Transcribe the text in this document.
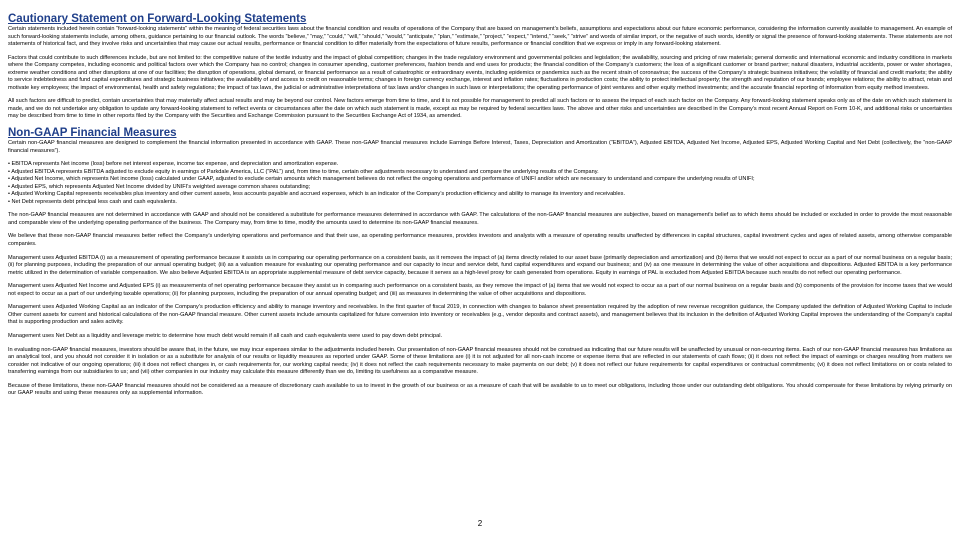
Cautionary Statement on Forward-Looking Statements

Certain statements included herein contain “forward-looking statements” within the meaning of federal securities laws about the financial condition and results of operations of the Company that are based on management’s beliefs, assumptions and expectations about our future economic performance, considering the information currently available to management. An example of such forward-looking statements include, among others, guidance pertaining to our financial outlook. The words “believe,” “may,” “could,” “will,” “should,” “would,” “anticipate,” “plan,” “estimate,” “project,” “expect,” “intend,” “seek,” “strive” and words of similar import, or the negative of such words, identify or signal the presence of forward-looking statements. These statements are not statements of historical fact, and they involve risks and uncertainties that may cause our actual results, performance or financial condition to differ materially from the expectations of future results, performance or financial condition that we express or imply in any forward-looking statement.

Factors that could contribute to such differences include, but are not limited to: the competitive nature of the textile industry and the impact of global competition; changes in the trade regulatory environment and governmental policies and legislation; the availability, sourcing and pricing of raw materials; general domestic and international economic and industry conditions in markets where the Company competes, including economic and political factors over which the Company has no control; changes in consumer spending, customer preferences, fashion trends and end uses for products; the financial condition of the Company’s customers; the loss of a significant customer or brand partner; natural disasters, industrial accidents, power or water shortages, extreme weather conditions and other disruptions at one of our facilities; the disruption of operations, global demand, or financial performance as a result of catastrophic or extraordinary events, including epidemics or pandemics such as the recent strain of coronavirus; the success of the Company’s strategic business initiatives; the volatility of financial and credit markets; the ability to service indebtedness and fund capital expenditures and strategic business initiatives; the availability of and access to credit on reasonable terms; changes in foreign currency exchange, interest and inflation rates; fluctuations in production costs; the ability to protect intellectual property; the strength and reputation of our brands; employee relations; the ability to attract, retain and motivate key employees; the impact of environmental, health and safety regulations; the impact of tax laws, the judicial or administrative interpretations of tax laws and/or changes in such laws or interpretations; the operating performance of joint ventures and other equity method investments; and the accurate financial reporting of information from equity method investees.

All such factors are difficult to predict, contain uncertainties that may materially affect actual results and may be beyond our control. New factors emerge from time to time, and it is not possible for management to predict all such factors or to assess the impact of each such factor on the Company. Any forward-looking statement speaks only as of the date on which such statement is made, and we do not undertake any obligation to update any forward-looking statement to reflect events or circumstances after the date on which such statement is made, except as may be required by federal securities laws. The above and other risks and uncertainties are described in the Company’s most recent Annual Report on Form 10-K, and additional risks or uncertainties may be described from time to time in other reports filed by the Company with the Securities and Exchange Commission pursuant to the Securities Exchange Act of 1934, as amended.

Non-GAAP Financial Measures

Certain non-GAAP financial measures are designed to complement the financial information presented in accordance with GAAP. These non-GAAP financial measures include Earnings Before Interest, Taxes, Depreciation and Amortization (“EBITDA”), Adjusted EBITDA, Adjusted Net Income, Adjusted EPS, Adjusted Working Capital and Net Debt (collectively, the “non-GAAP financial measures”).

• EBITDA represents Net income (loss) before net interest expense, income tax expense, and depreciation and amortization expense.
• Adjusted EBITDA represents EBITDA adjusted to exclude equity in earnings of Parkdale America, LLC (“PAL”) and, from time to time, certain other adjustments necessary to understand and compare the underlying results of the Company.
• Adjusted Net Income, which represents Net income (loss) calculated under GAAP, adjusted to exclude certain amounts which management believes do not reflect the ongoing operations and performance of UNIFI and/or which are necessary to understand and compare the underlying results of UNIFI;
• Adjusted EPS, which represents Adjusted Net Income divided by UNIFI’s weighted average common shares outstanding;
• Adjusted Working Capital represents receivables plus inventory and other current assets, less accounts payable and accrued expenses, which is an indicator of the Company’s production efficiency and ability to manage its inventory and receivables.
• Net Debt represents debt principal less cash and cash equivalents.

The non-GAAP financial measures are not determined in accordance with GAAP and should not be considered a substitute for performance measures determined in accordance with GAAP. The calculations of the non-GAAP financial measures are subjective, based on management’s belief as to which items should be included or excluded in order to provide the most reasonable and comparable view of the underlying operating performance of the business. The Company may, from time to time, modify the amounts used to determine its non-GAAP financial measures.

We believe that these non-GAAP financial measures better reflect the Company’s underlying operations and performance and that their use, as operating performance measures, provides investors and analysts with a measure of operating results unaffected by differences in capital structures, capital investment cycles and ages of related assets, among otherwise comparable companies.

Management uses Adjusted EBITDA (i) as a measurement of operating performance because it assists us in comparing our operating performance on a consistent basis, as it removes the impact of (a) items directly related to our asset base (primarily depreciation and amortization) and (b) items that we would not expect to occur as a part of our normal business on a regular basis; (ii) for planning purposes, including the preparation of our annual operating budget; (iii) as a valuation measure for evaluating our operating performance and our capacity to incur and service debt, fund capital expenditures and expand our business; and (iv) as one measure in determining the value of other acquisitions and dispositions. Adjusted EBITDA is a key performance metric utilized in the determination of variable compensation. We also believe Adjusted EBITDA is an appropriate supplemental measure of debt service capacity, because it serves as a high-level proxy for cash generated from operations. Equity in earnings of PAL is excluded from Adjusted EBITDA because such results do not reflect our operating performance.

Management uses Adjusted Net Income and Adjusted EPS (i) as measurements of net operating performance because they assist us in comparing such performance on a consistent basis, as they remove the impact of (a) items that we would not expect to occur as a part of our normal business on a regular basis and (b) components of the provision for income taxes that we would not expect to occur as a part of our underlying taxable operations; (ii) for planning purposes, including the preparation of our annual operating budget; and (iii) as measures in determining the value of other acquisitions and dispositions.

Management uses Adjusted Working Capital as an indicator of the Company’s production efficiency and ability to manage inventory and receivables. In the first quarter of fiscal 2019, in connection with changes to balance sheet presentation required by the adoption of new revenue recognition guidance, the Company updated the definition of Adjusted Working Capital to include Other current assets for current and historical calculations of the non-GAAP financial measure. Other current assets include amounts capitalized for future conversion into inventory or receivables (e.g., vendor deposits and contract assets), and management believes that its inclusion in the definition of Adjusted Working Capital improves the understanding of the Company’s capital that is supporting production and sales activity.

Management uses Net Debt as a liquidity and leverage metric to determine how much debt would remain if all cash and cash equivalents were used to pay down debt principal.

In evaluating non-GAAP financial measures, investors should be aware that, in the future, we may incur expenses similar to the adjustments included herein. Our presentation of non-GAAP financial measures should not be construed as indicating that our future results will be unaffected by unusual or non-recurring items. Each of our non-GAAP financial measures has limitations as an analytical tool, and you should not consider it in isolation or as a substitute for analysis of our results or liquidity measures as reported under GAAP. Some of these limitations are (i) it is not adjusted for all non-cash income or expense items that are reflected in our statements of cash flows; (ii) it does not reflect the impact of earnings or charges resulting from matters we consider not indicative of our ongoing operations; (iii) it does not reflect changes in, or cash requirements for, our working capital needs; (iv) it does not reflect the cash requirements necessary to make payments on our debt; (v) it does not reflect our future requirements for capital expenditures or contractual commitments; (vi) it does not reflect limitations on or costs related to transferring earnings from our subsidiaries to us; and (vii) other companies in our industry may calculate this measure differently than we do, limiting its usefulness as a comparative measure.

Because of these limitations, these non-GAAP financial measures should not be considered as a measure of discretionary cash available to us to invest in the growth of our business or as a measure of cash that will be available to us to meet our obligations, including those under our outstanding debt obligations. You should compensate for these limitations by relying primarily on our GAAP results and using these measures only as supplemental information.

2
